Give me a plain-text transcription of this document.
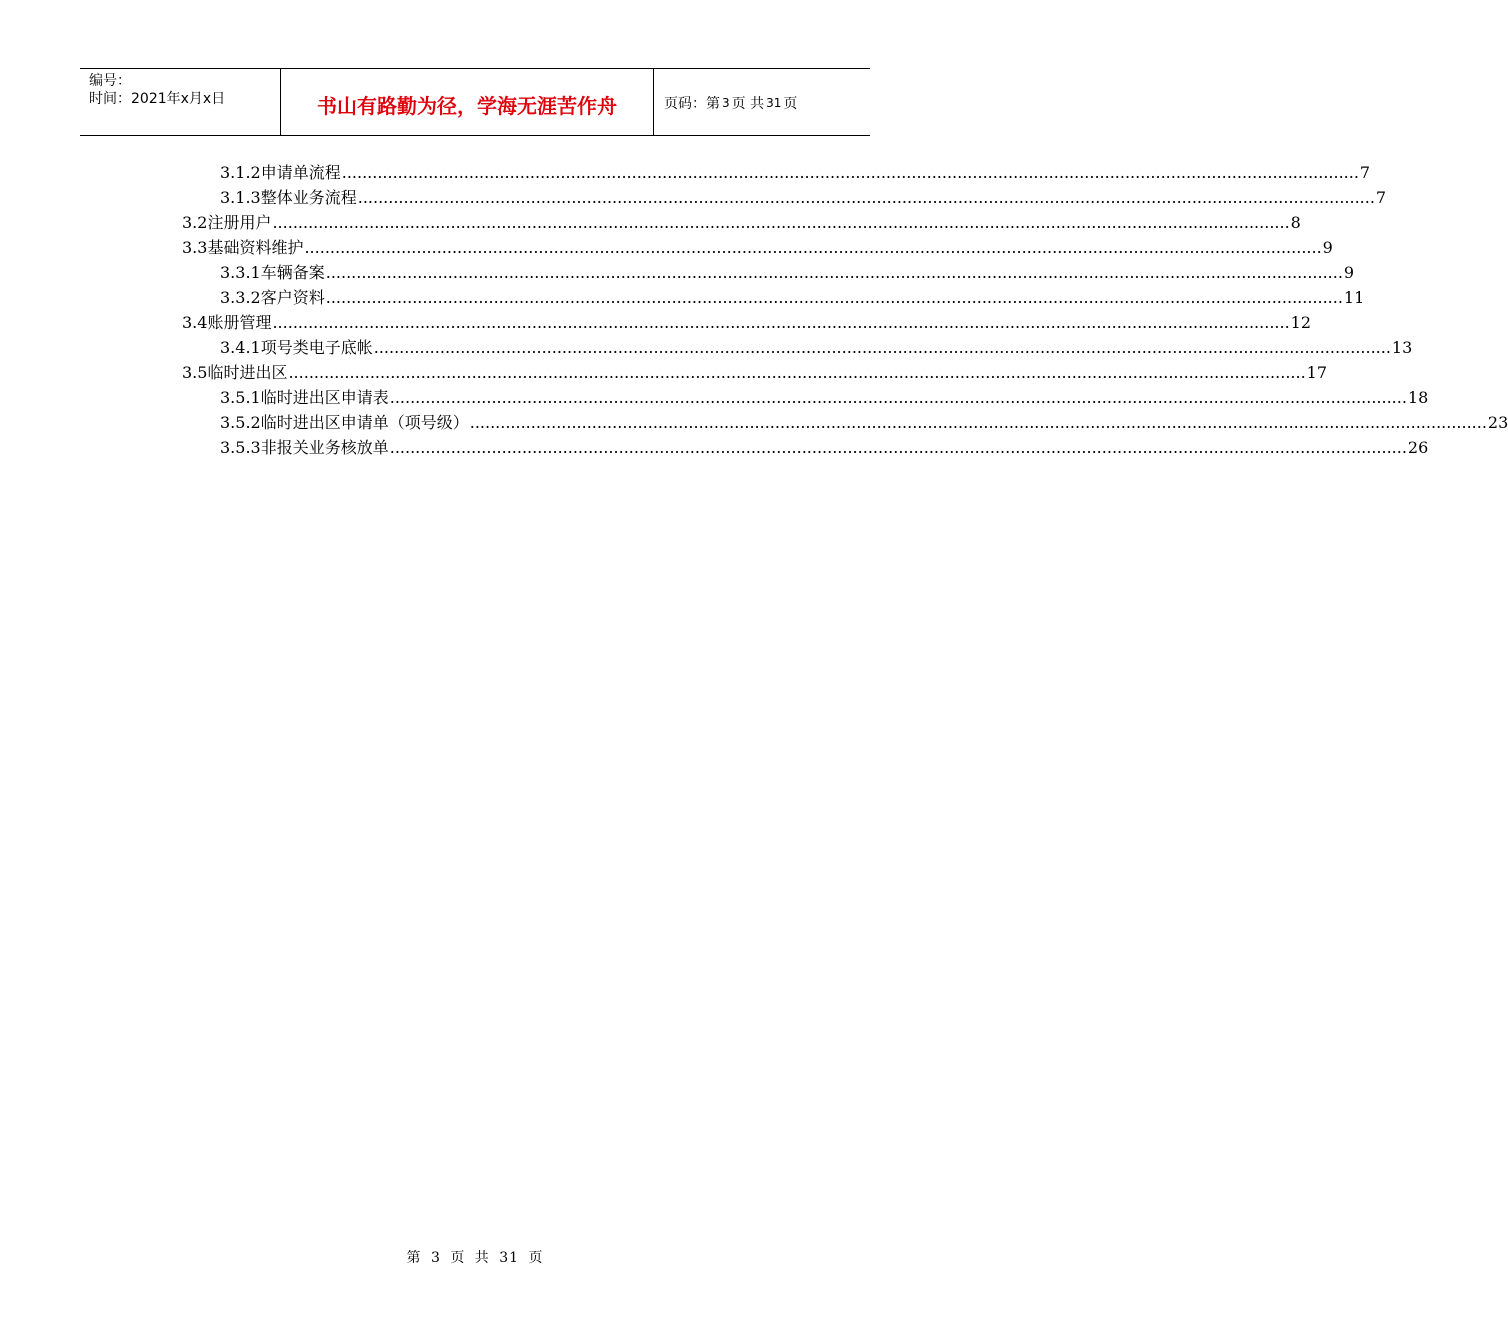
编号：
时间：2021年x月x日	书山有路勤为径，学海无涯苦作舟	页码：第 3 页 共 31 页
3.1.2 申请单流程 ........................................................................................................................................................................................................ 7
3.1.3 整体业务流程 ........................................................................................................................................................................................................ 7
3.2 注册用户 ........................................................................................................................................................................................................ 8
3.3 基础资料维护 ........................................................................................................................................................................................................ 9
3.3.1 车辆备案 ........................................................................................................................................................................................................ 9
3.3.2 客户资料 ........................................................................................................................................................................................................ 11
3.4 账册管理 ........................................................................................................................................................................................................ 12
3.4.1 项号类电子底帐 ........................................................................................................................................................................................................ 13
3.5 临时进出区 ........................................................................................................................................................................................................ 17
3.5.1 临时进出区申请表 ........................................................................................................................................................................................................ 18
3.5.2 临时进出区申请单（项号级） ........................................................................................................................................................................................................ 23
3.5.3 非报关业务核放单 ........................................................................................................................................................................................................ 26
第 3 页 共 31 页
